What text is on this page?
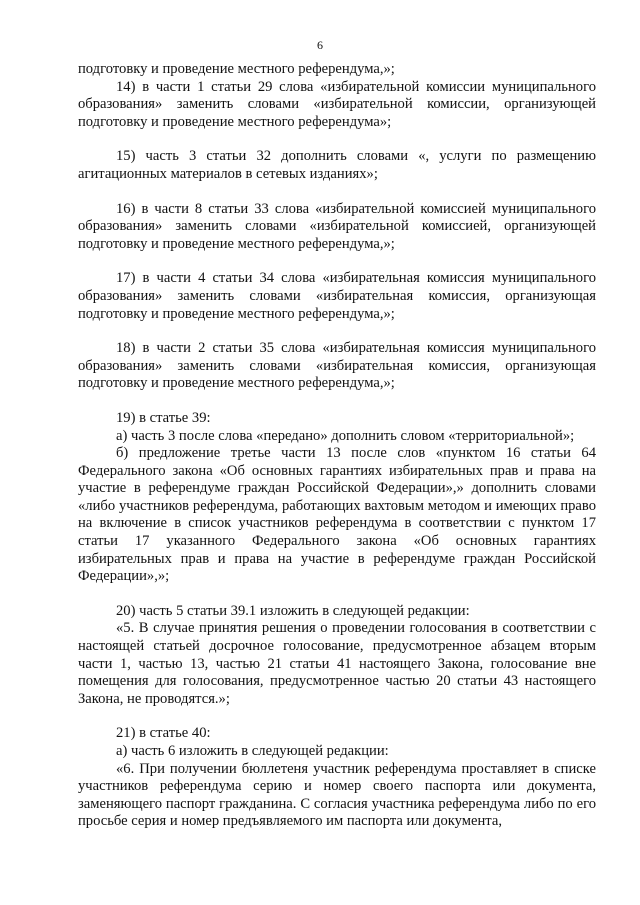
6

подготовку и проведение местного референдума,»;

14) в части 1 статьи 29 слова «избирательной комиссии муниципального образования» заменить словами «избирательной комиссии, организующей подготовку и проведение местного референдума»;

15) часть 3 статьи 32 дополнить словами «, услуги по размещению агитационных материалов в сетевых изданиях»;

16) в части 8 статьи 33 слова «избирательной комиссией муниципального образования» заменить словами «избирательной комиссией, организующей подготовку и проведение местного референдума,»;

17) в части 4 статьи 34 слова «избирательная комиссия муниципального образования» заменить словами «избирательная комиссия, организующая подготовку и проведение местного референдума,»;

18) в части 2 статьи 35 слова «избирательная комиссия муниципального образования» заменить словами «избирательная комиссия, организующая подготовку и проведение местного референдума,»;

19) в статье 39:

а) часть 3 после слова «передано» дополнить словом «территориальной»;

б) предложение третье части 13 после слов «пунктом 16 статьи 64 Федерального закона «Об основных гарантиях избирательных прав и права на участие в референдуме граждан Российской Федерации»,» дополнить словами «либо участников референдума, работающих вахтовым методом и имеющих право на включение в список участников референдума в соответствии с пунктом 17 статьи 17 указанного Федерального закона «Об основных гарантиях избирательных прав и права на участие в референдуме граждан Российской Федерации»,»;

20) часть 5 статьи 39.1 изложить в следующей редакции:

«5. В случае принятия решения о проведении голосования в соответствии с настоящей статьей досрочное голосование, предусмотренное абзацем вторым части 1, частью 13, частью 21 статьи 41 настоящего Закона, голосование вне помещения для голосования, предусмотренное частью 20 статьи 43 настоящего Закона, не проводятся.»;

21) в статье 40:

а) часть 6 изложить в следующей редакции:

«6. При получении бюллетеня участник референдума проставляет в списке участников референдума серию и номер своего паспорта или документа, заменяющего паспорт гражданина. С согласия участника референдума либо по его просьбе серия и номер предъявляемого им паспорта или документа,
